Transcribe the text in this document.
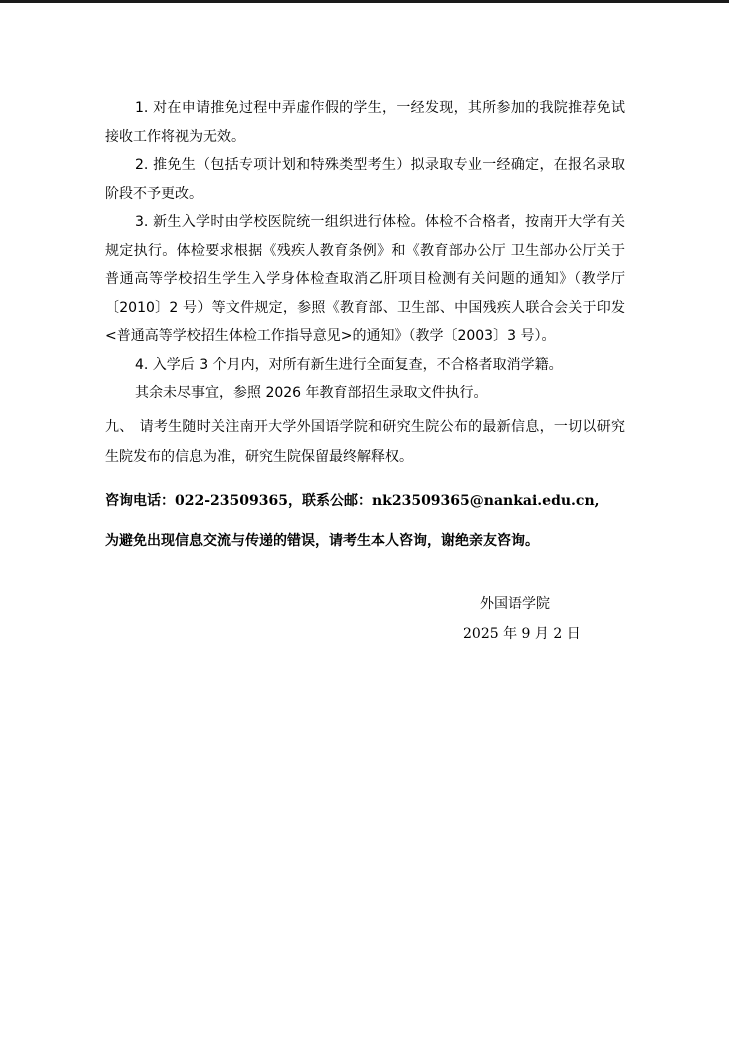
1. 对在申请推免过程中弄虚作假的学生，一经发现，其所参加的我院推荐免试接收工作将视为无效。

2. 推免生（包括专项计划和特殊类型考生）拟录取专业一经确定，在报名录取阶段不予更改。

3. 新生入学时由学校医院统一组织进行体检。体检不合格者，按南开大学有关规定执行。体检要求根据《残疾人教育条例》和《教育部办公厅 卫生部办公厅关于普通高等学校招生学生入学身体检查取消乙肝项目检测有关问题的通知》（教学厅〔2010〕2 号）等文件规定，参照《教育部、卫生部、中国残疾人联合会关于印发<普通高等学校招生体检工作指导意见>的通知》（教学〔2003〕3 号）。

4. 入学后 3 个月内，对所有新生进行全面复查，不合格者取消学籍。

其余未尽事宜，参照 2026 年教育部招生录取文件执行。

九、 请考生随时关注南开大学外国语学院和研究生院公布的最新信息，一切以研究生院发布的信息为准，研究生院保留最终解释权。

咨询电话：022-23509365，联系公邮：nk23509365@nankai.edu.cn,
为避免出现信息交流与传递的错误，请考生本人咨询，谢绝亲友咨询。
外国语学院
2025 年 9 月 2 日
